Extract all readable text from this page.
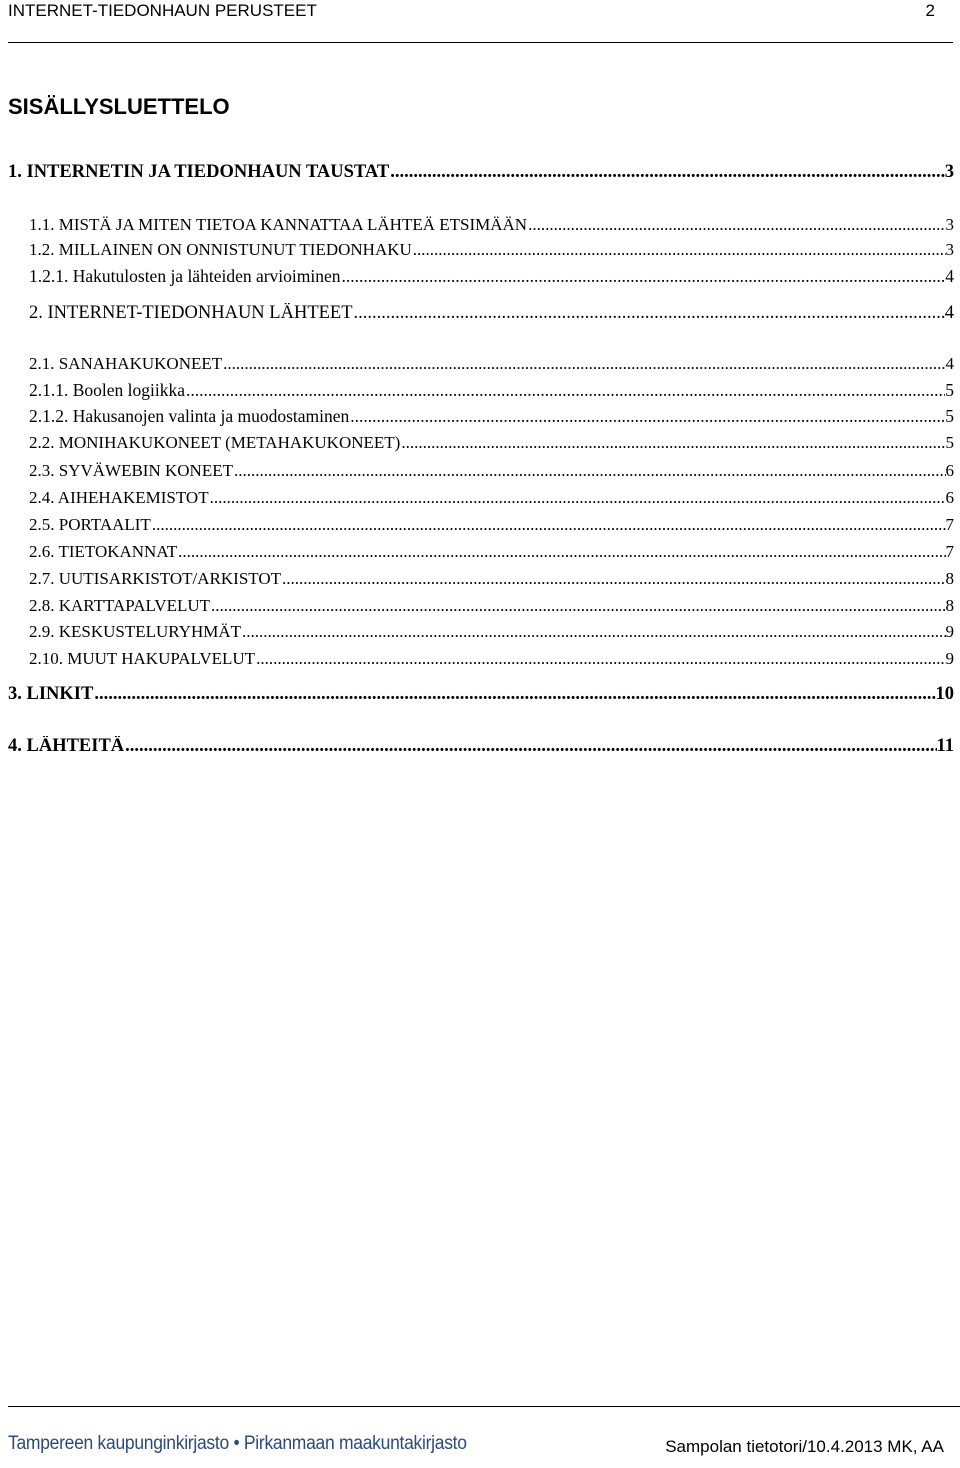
INTERNET-TIEDONHAUN PERUSTEET	2
SISÄLLYSLUETTELO
1. INTERNETIN JA TIEDONHAUN TAUSTAT .....	3
1.1. MISTÄ JA MITEN TIETOA KANNATTAA LÄHTEÄ ETSIMÄÄN .....	3
1.2. MILLAINEN ON ONNISTUNUT TIEDONHAKU .....	3
1.2.1. Hakutulosten ja lähteiden arvioiminen .....	4
2. INTERNET-TIEDONHAUN LÄHTEET .....	4
2.1. SANAHAKUKONEET .....	4
2.1.1. Boolen logiikka .....	5
2.1.2. Hakusanojen valinta ja muodostaminen .....	5
2.2. MONIHAKUKONEET (METAHAKUKONEET) .....	5
2.3. SYVÄWEBIN KONEET .....	6
2.4. AIHEHAKEMISTOT .....	6
2.5. PORTAALIT .....	7
2.6. TIETOKANNAT .....	7
2.7. UUTISARKISTOT/ARKISTOT .....	8
2.8. KARTTAPALVELUT .....	8
2.9. KESKUSTELURYHMÄT .....	9
2.10. MUUT HAKUPALVELUT .....	9
3. LINKIT .....	10
4. LÄHTEITÄ .....	11
Tampereen kaupunginkirjasto • Pirkanmaan maakuntakirjasto	Sampolan tietotori/10.4.2013 MK, AA
